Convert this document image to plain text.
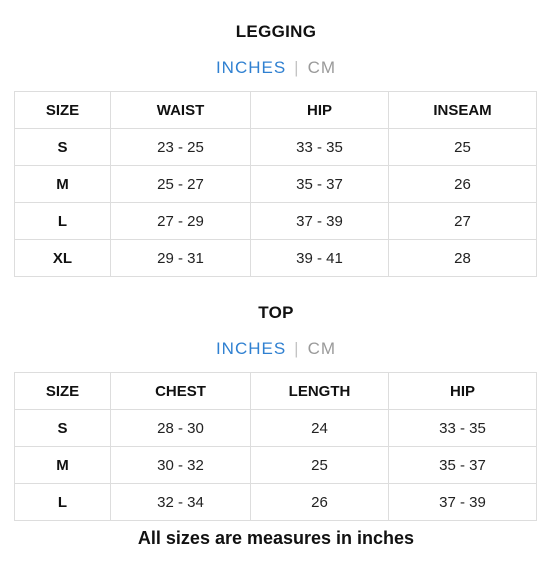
LEGGING
INCHES | CM
SIZE	WAIST	HIP	INSEAM
S	23 - 25	33 - 35	25
M	25 - 27	35 - 37	26
L	27 - 29	37 - 39	27
XL	29 - 31	39 - 41	28
TOP
INCHES | CM
SIZE	CHEST	LENGTH	HIP
S	28 - 30	24	33 - 35
M	30 - 32	25	35 - 37
L	32 - 34	26	37 - 39
All sizes are measures in inches
